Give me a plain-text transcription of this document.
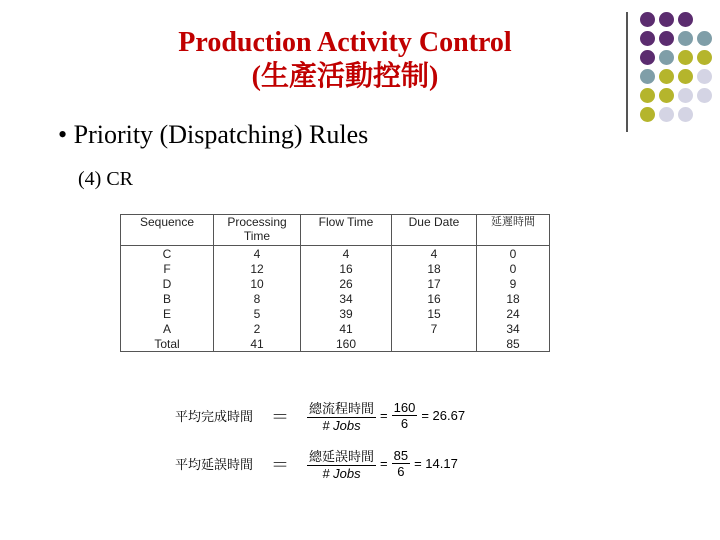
Production Activity Control
(生產活動控制)
• Priority (Dispatching) Rules
(4) CR
Sequence	Processing Time	Flow Time	Due Date	延遲時間
C	4	4	4	0
F	12	16	18	0
D	10	26	17	9
B	8	34	16	18
E	5	39	15	24
A	2	41	7	34
Total	41	160		85
平均完成時間 ＝	$\frac{\text{總流程時間}}{\text{\# Jobs}} = \frac{160}{6} = 26.67$
平均延誤時間 ＝	$\frac{\text{總延誤時間}}{\text{\# Jobs}} = \frac{85}{6} = 14.17$
